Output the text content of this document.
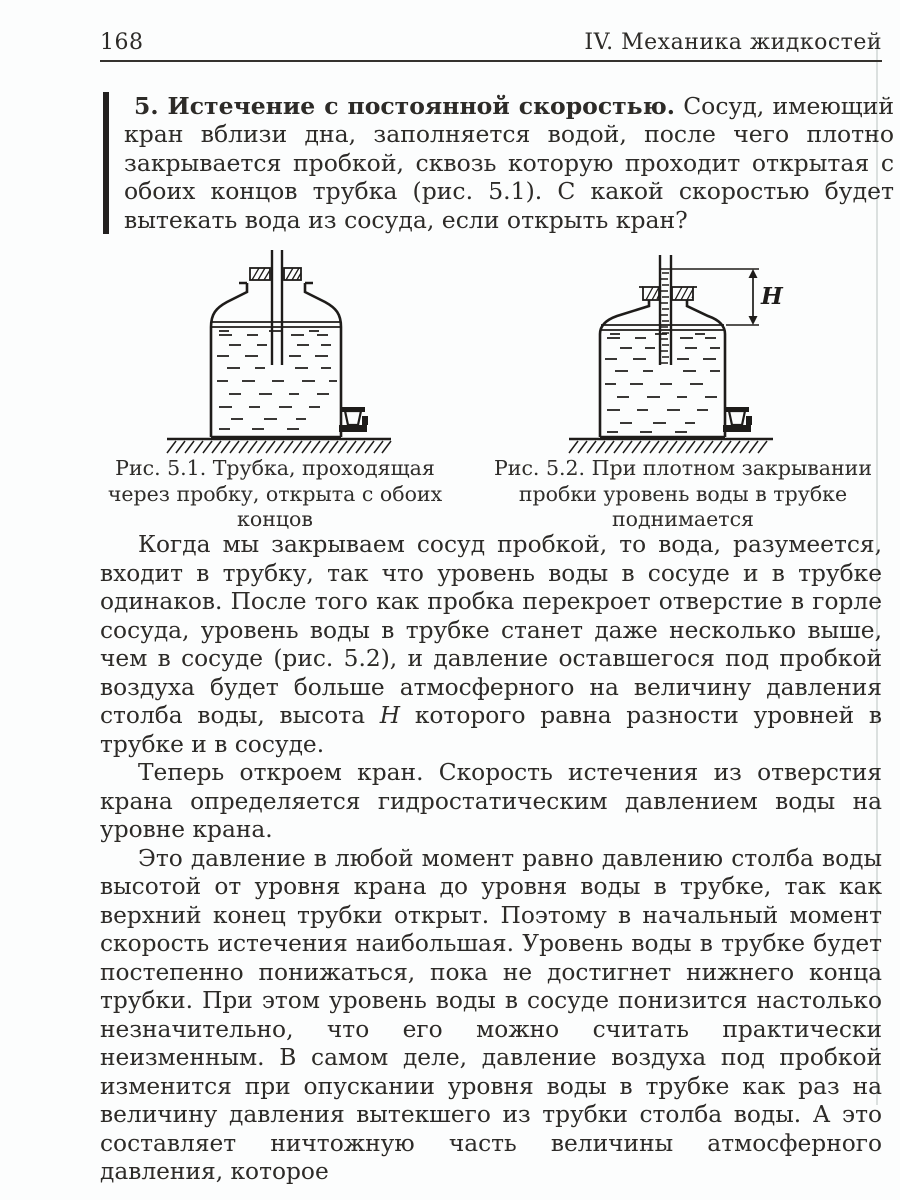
168	IV. Механика жидкостей

5. Истечение с постоянной скоростью. Сосуд, имеющий кран вблизи дна, заполняется водой, после чего плотно закрывается пробкой, сквозь которую проходит открытая с обоих концов трубка (рис. 5.1). С какой скоростью будет вытекать вода из сосуда, если открыть кран?

H
Рис. 5.1. Трубка, проходящая через пробку, открыта с обоих концов
Рис. 5.2. При плотном закрывании пробки уровень воды в трубке поднимается

Когда мы закрываем сосуд пробкой, то вода, разумеется, входит в трубку, так что уровень воды в сосуде и в трубке одинаков. После того как пробка перекроет отверстие в горле сосуда, уровень воды в трубке станет даже несколько выше, чем в сосуде (рис. 5.2), и давление оставшегося под пробкой воздуха будет больше атмосферного на величину давления столба воды, высота H которого равна разности уровней в трубке и в сосуде.

Теперь откроем кран. Скорость истечения из отверстия крана определяется гидростатическим давлением воды на уровне крана.

Это давление в любой момент равно давлению столба воды высотой от уровня крана до уровня воды в трубке, так как верхний конец трубки открыт. Поэтому в начальный момент скорость истечения наибольшая. Уровень воды в трубке будет постепенно понижаться, пока не достигнет нижнего конца трубки. При этом уровень воды в сосуде понизится настолько незначительно, что его можно считать практически неизменным. В самом деле, давление воздуха под пробкой изменится при опускании уровня воды в трубке как раз на величину давления вытекшего из трубки столба воды. А это составляет ничтожную часть величины атмосферного давления, которое
